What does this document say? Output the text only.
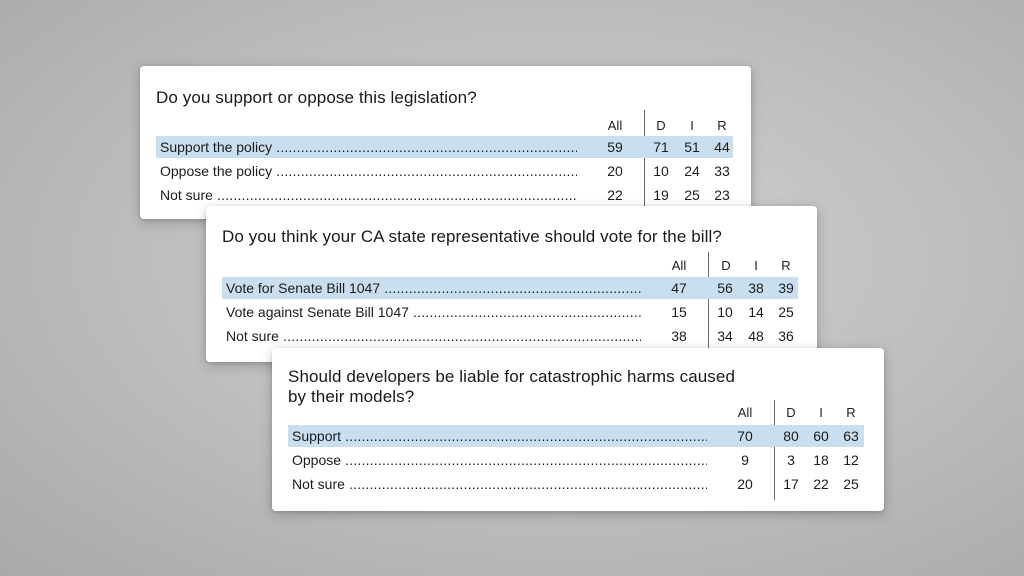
Do you support or oppose this legislation?
All	D	I	R
Support the policy .....	59	71	51	44
Oppose the policy .....	20	10	24	33
Not sure .....	22	19	25	23
Do you think your CA state representative should vote for the bill?
All	D	I	R
Vote for Senate Bill 1047 .....	47	56	38	39
Vote against Senate Bill 1047 .....	15	10	14	25
Not sure .....	38	34	48	36
Should developers be liable for catastrophic harms caused by their models?
All	D	I	R
Support .....	70	80	60	63
Oppose .....	9	3	18	12
Not sure .....	20	17	22	25
